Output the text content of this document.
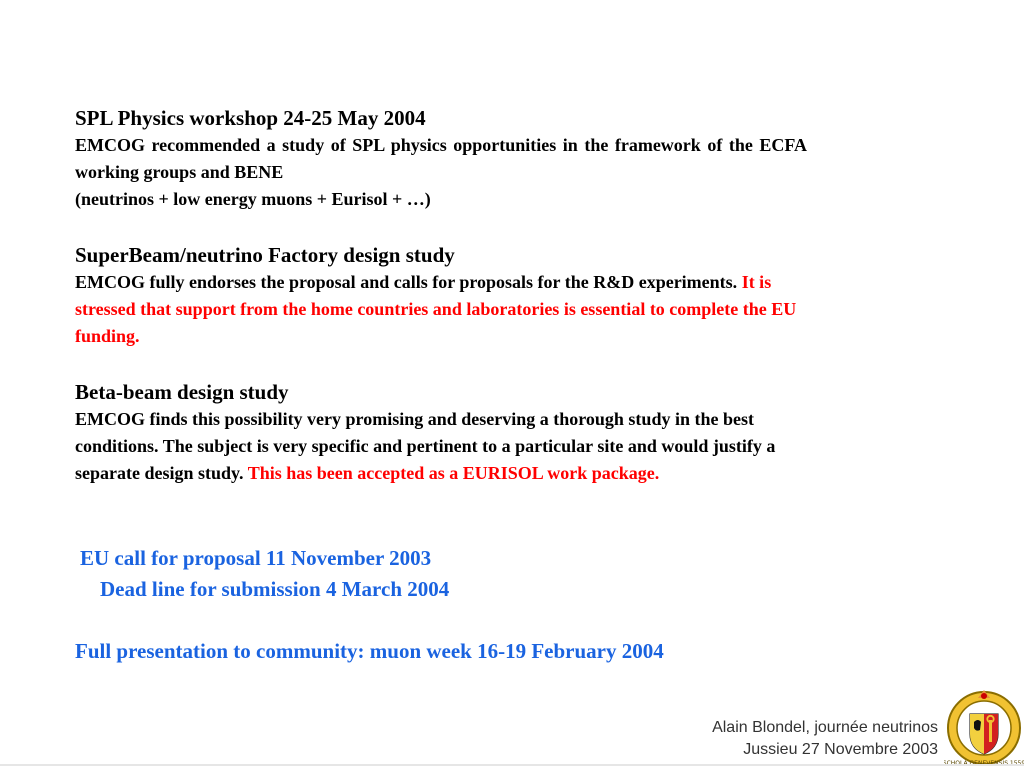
SPL Physics workshop 24-25 May 2004

EMCOG recommended a study of SPL physics opportunities in the framework of the ECFA working groups and BENE

(neutrinos + low energy muons + Eurisol + …)

SuperBeam/neutrino Factory design study

EMCOG fully endorses the proposal and calls for proposals for the R&D experiments. It is stressed that support from the home countries and laboratories is essential to complete the EU funding.

Beta-beam design study

EMCOG finds this possibility very promising and deserving a thorough study in the best conditions. The subject is very specific and pertinent to a particular site and would justify a separate design study. This has been accepted as a EURISOL work package.

EU call for proposal 11 November 2003

Dead line for submission 4 March 2004

Full presentation to community: muon week 16-19 February 2004

Alain Blondel, journée neutrinos
Jussieu 27 Novembre 2003
